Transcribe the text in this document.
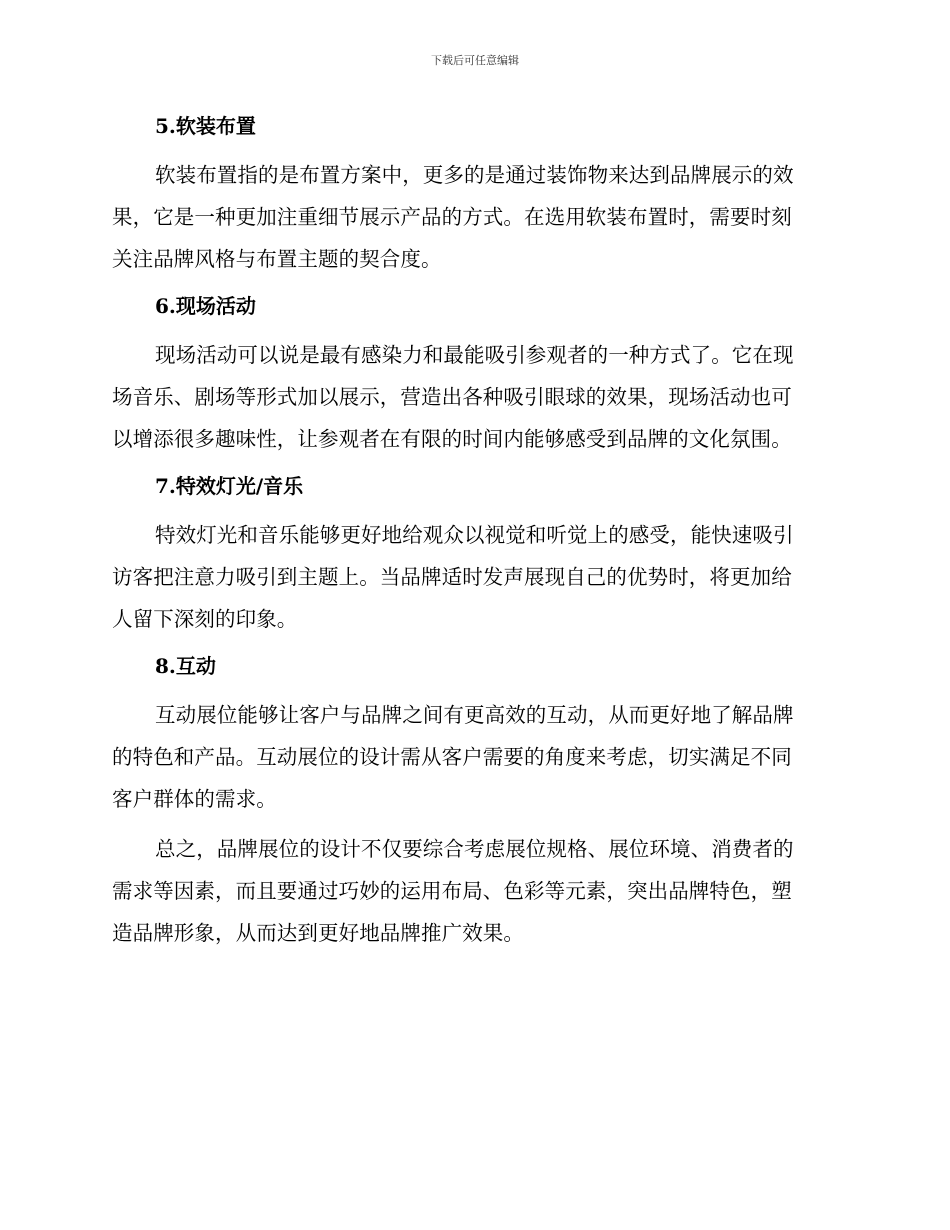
下载后可任意编辑
5.软装布置

软装布置指的是布置方案中，更多的是通过装饰物来达到品牌展示的效
果，它是一种更加注重细节展示产品的方式。在选用软装布置时，需要时刻
关注品牌风格与布置主题的契合度。

6.现场活动

现场活动可以说是最有感染力和最能吸引参观者的一种方式了。它在现
场音乐、剧场等形式加以展示，营造出各种吸引眼球的效果，现场活动也可
以增添很多趣味性，让参观者在有限的时间内能够感受到品牌的文化氛围。

7.特效灯光/音乐

特效灯光和音乐能够更好地给观众以视觉和听觉上的感受，能快速吸引
访客把注意力吸引到主题上。当品牌适时发声展现自己的优势时，将更加给
人留下深刻的印象。

8.互动

互动展位能够让客户与品牌之间有更高效的互动，从而更好地了解品牌
的特色和产品。互动展位的设计需从客户需要的角度来考虑，切实满足不同
客户群体的需求。

总之，品牌展位的设计不仅要综合考虑展位规格、展位环境、消费者的
需求等因素，而且要通过巧妙的运用布局、色彩等元素，突出品牌特色，塑
造品牌形象，从而达到更好地品牌推广效果。
